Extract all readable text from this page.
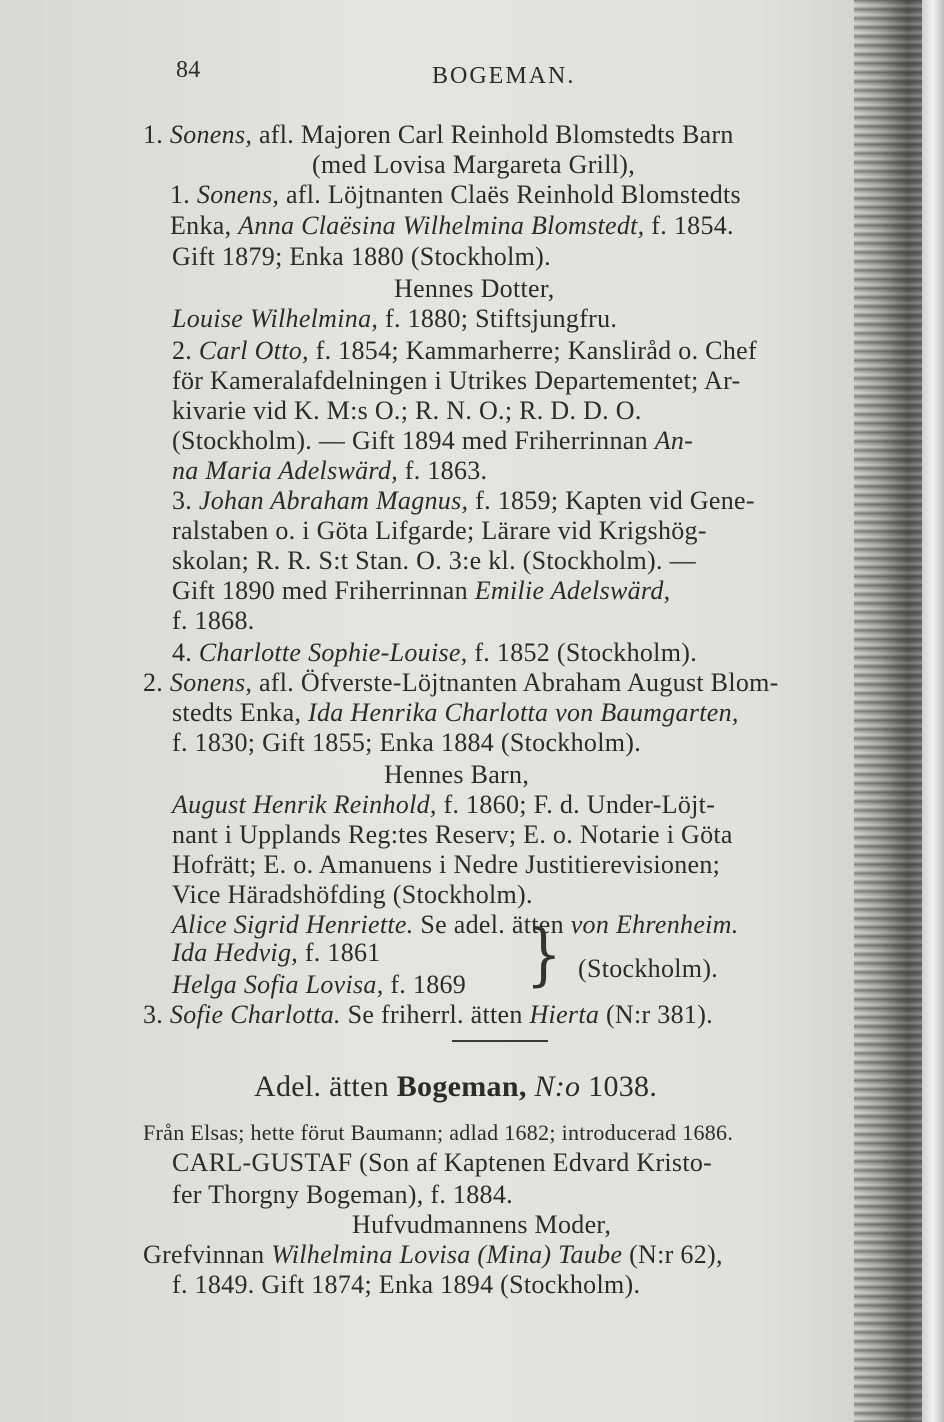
84	BOGEMAN.
1. Sonens, afl. Majoren Carl Reinhold Blomstedts Barn
(med Lovisa Margareta Grill),
1. Sonens, afl. Löjtnanten Claës Reinhold Blomstedts
Enka, Anna Claësina Wilhelmina Blomstedt, f. 1854.
Gift 1879; Enka 1880 (Stockholm).
Hennes Dotter,
Louise Wilhelmina, f. 1880; Stiftsjungfru.
2. Carl Otto, f. 1854; Kammarherre; Kansliråd o. Chef
för Kameralafdelningen i Utrikes Departementet; Ar-
kivarie vid K. M:s O.; R. N. O.; R. D. D. O.
(Stockholm). — Gift 1894 med Friherrinnan An-
na Maria Adelswärd, f. 1863.
3. Johan Abraham Magnus, f. 1859; Kapten vid Gene-
ralstaben o. i Göta Lifgarde; Lärare vid Krigshög-
skolan; R. R. S:t Stan. O. 3:e kl. (Stockholm). —
Gift 1890 med Friherrinnan Emilie Adelswärd,
f. 1868.
4. Charlotte Sophie-Louise, f. 1852 (Stockholm).
2. Sonens, afl. Öfverste-Löjtnanten Abraham August Blom-
stedts Enka, Ida Henrika Charlotta von Baumgarten,
f. 1830; Gift 1855; Enka 1884 (Stockholm).
Hennes Barn,
August Henrik Reinhold, f. 1860; F. d. Under-Löjt-
nant i Upplands Reg:tes Reserv; E. o. Notarie i Göta
Hofrätt; E. o. Amanuens i Nedre Justitierevisionen;
Vice Häradshöfding (Stockholm).
Alice Sigrid Henriette. Se adel. ätten von Ehrenheim.
Ida Hedvig, f. 1861
Helga Sofia Lovisa, f. 1869 } (Stockholm).
3. Sofie Charlotta. Se friherrl. ätten Hierta (N:r 381).
Adel. ätten Bogeman, N:o 1038.
Från Elsas; hette förut Baumann; adlad 1682; introducerad 1686.
CARL-GUSTAF (Son af Kaptenen Edvard Kristo-
fer Thorgny Bogeman), f. 1884.
Hufvudmannens Moder,
Grefvinnan Wilhelmina Lovisa (Mina) Taube (N:r 62),
f. 1849. Gift 1874; Enka 1894 (Stockholm).
